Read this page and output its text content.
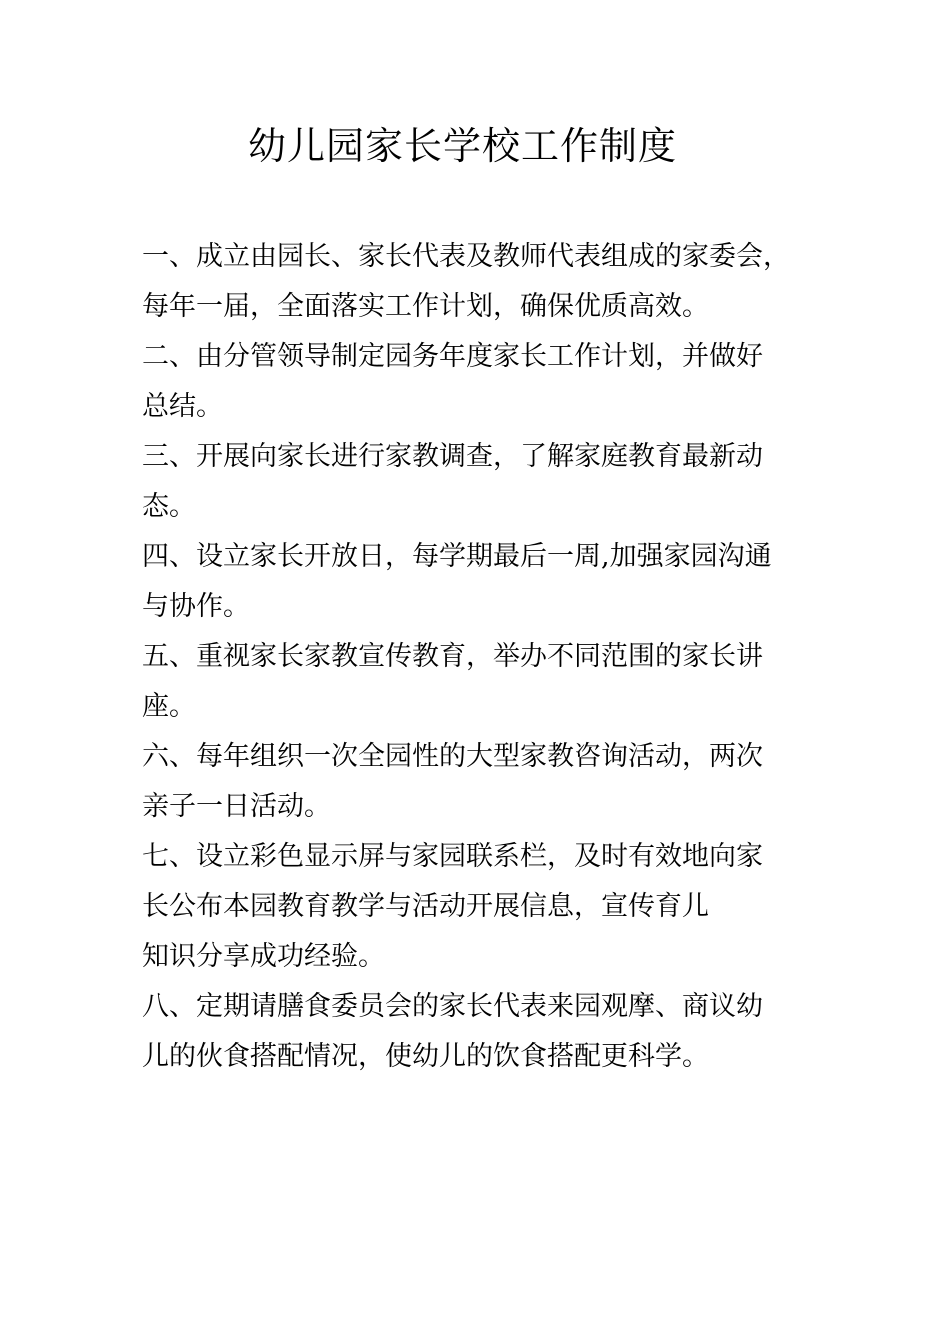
幼儿园家长学校工作制度
一、成立由园长、家长代表及教师代表组成的家委会，
每年一届，全面落实工作计划，确保优质高效。
二、由分管领导制定园务年度家长工作计划，并做好
总结。
三、开展向家长进行家教调查，了解家庭教育最新动
态。
四、设立家长开放日，每学期最后一周,加强家园沟通
与协作。
五、重视家长家教宣传教育，举办不同范围的家长讲
座。
六、每年组织一次全园性的大型家教咨询活动，两次
亲子一日活动。
七、设立彩色显示屏与家园联系栏，及时有效地向家
长公布本园教育教学与活动开展信息，宣传育儿
知识分享成功经验。
八、定期请膳食委员会的家长代表来园观摩、商议幼
儿的伙食搭配情况，使幼儿的饮食搭配更科学。
